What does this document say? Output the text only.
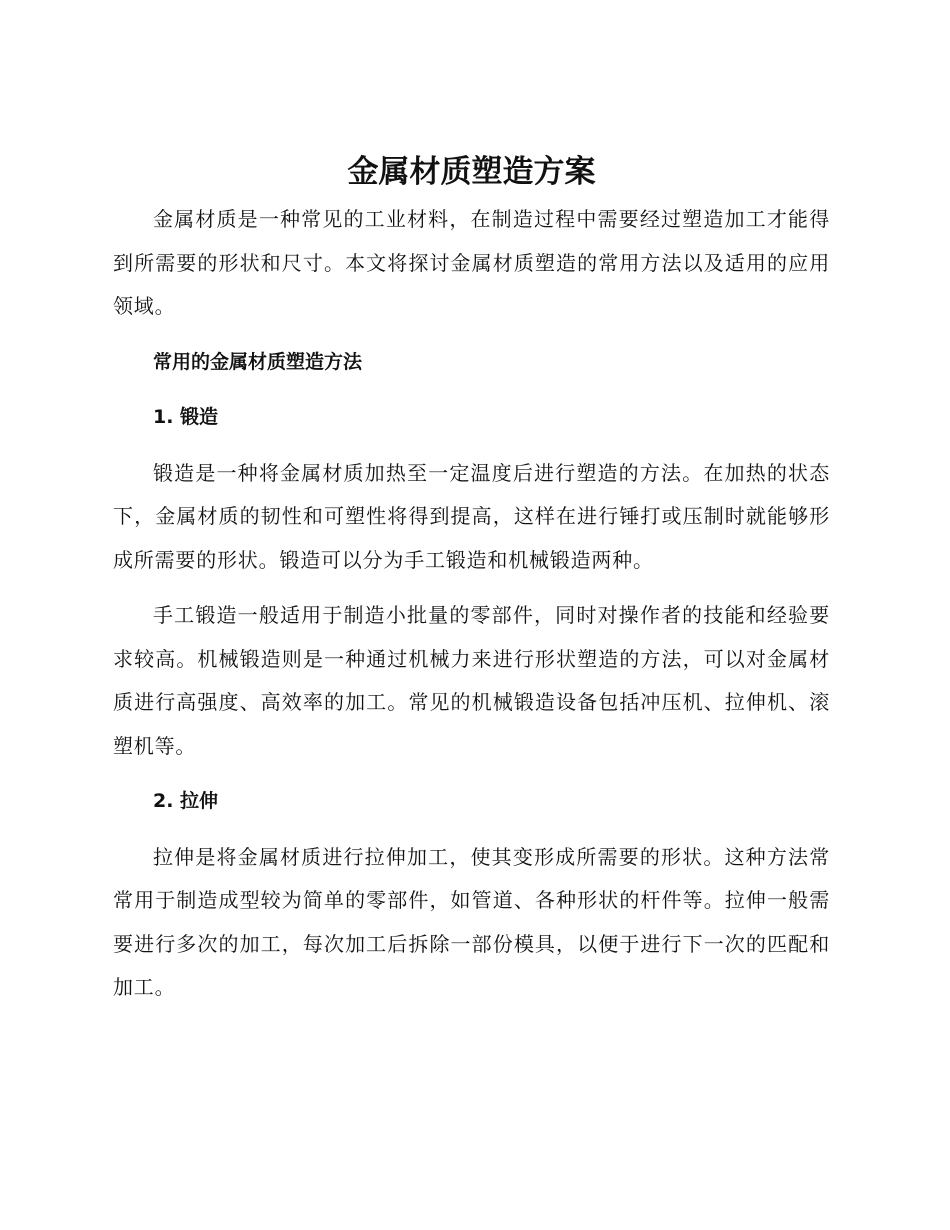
金属材质塑造方案

金属材质是一种常见的工业材料，在制造过程中需要经过塑造加工才能得到所需要的形状和尺寸。本文将探讨金属材质塑造的常用方法以及适用的应用领域。

常用的金属材质塑造方法
1. 锻造

锻造是一种将金属材质加热至一定温度后进行塑造的方法。在加热的状态下，金属材质的韧性和可塑性将得到提高，这样在进行锤打或压制时就能够形成所需要的形状。锻造可以分为手工锻造和机械锻造两种。

手工锻造一般适用于制造小批量的零部件，同时对操作者的技能和经验要求较高。机械锻造则是一种通过机械力来进行形状塑造的方法，可以对金属材质进行高强度、高效率的加工。常见的机械锻造设备包括冲压机、拉伸机、滚塑机等。

2. 拉伸

拉伸是将金属材质进行拉伸加工，使其变形成所需要的形状。这种方法常常用于制造成型较为简单的零部件，如管道、各种形状的杆件等。拉伸一般需要进行多次的加工，每次加工后拆除一部份模具，以便于进行下一次的匹配和加工。
